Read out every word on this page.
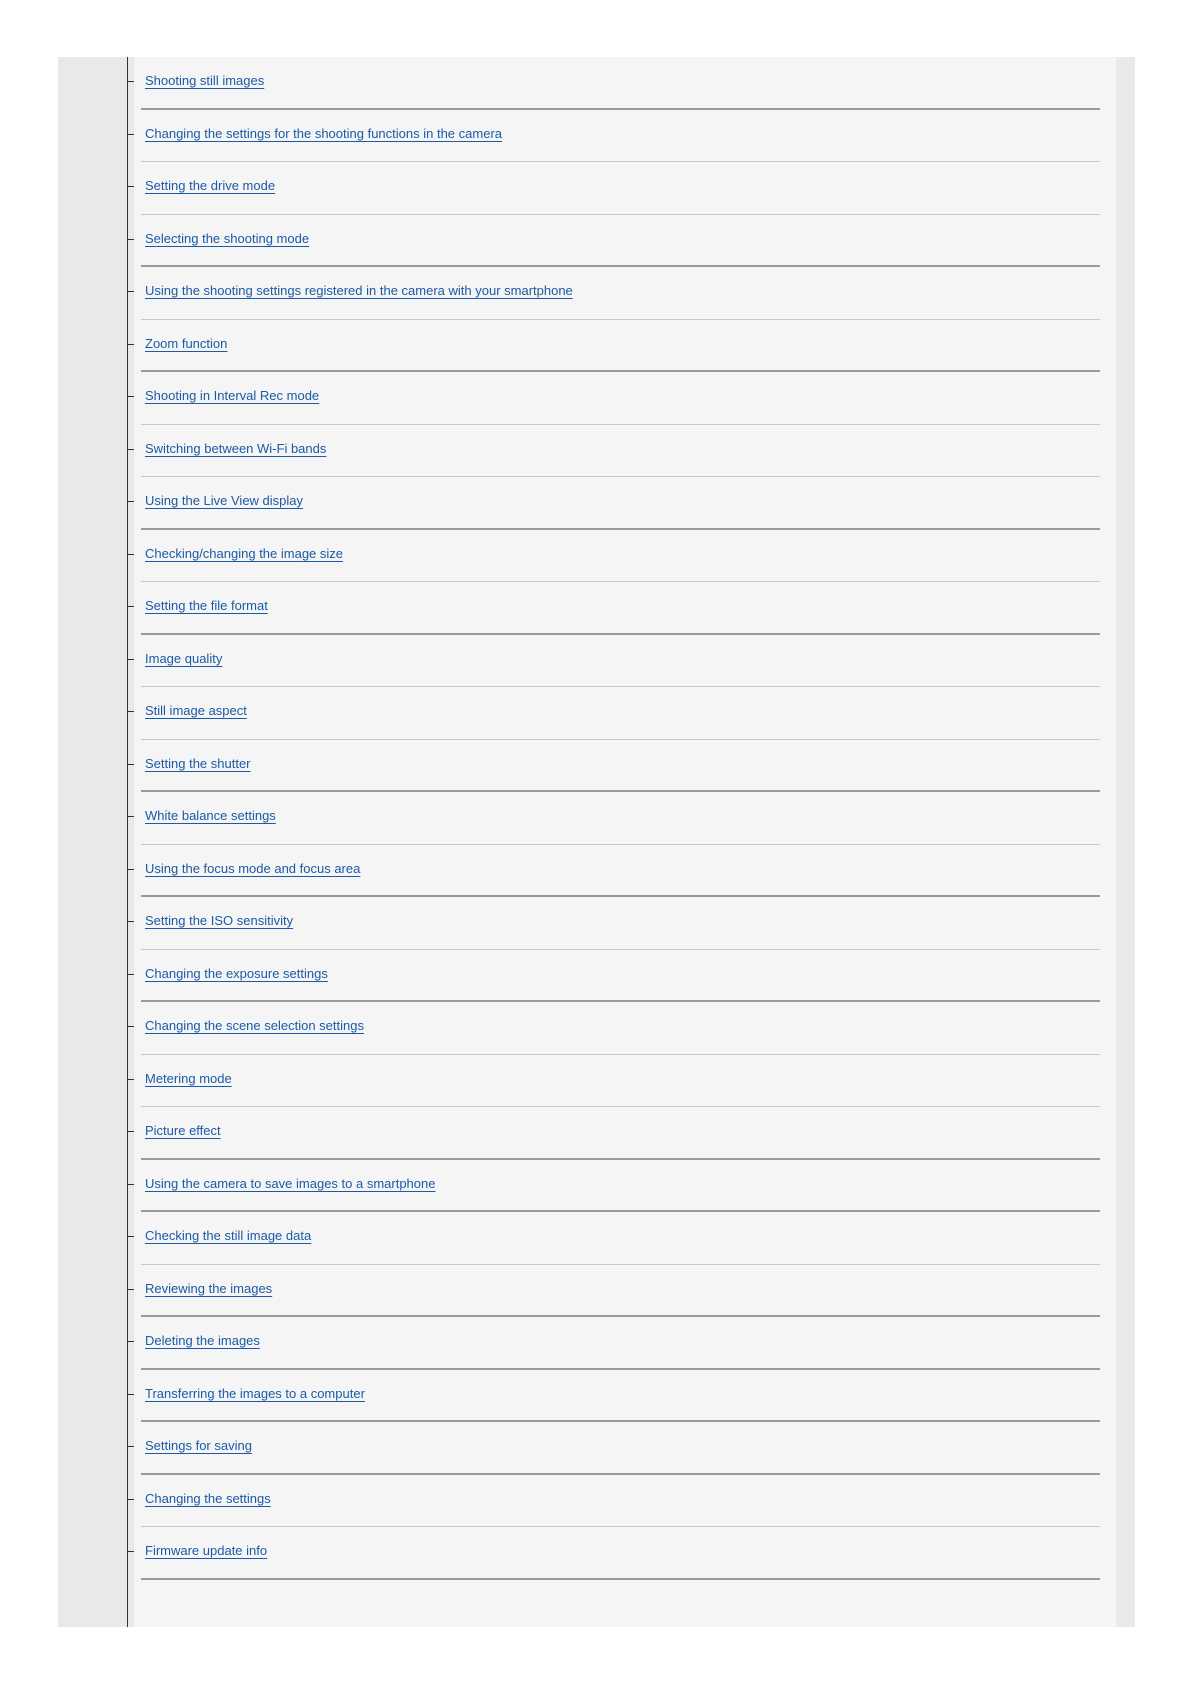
Shooting still images
Changing the settings for the shooting functions in the camera
Setting the drive mode
Selecting the shooting mode
Using the shooting settings registered in the camera with your smartphone
Zoom function
Shooting in Interval Rec mode
Switching between Wi-Fi bands
Using the Live View display
Checking/changing the image size
Setting the file format
Image quality
Still image aspect
Setting the shutter
White balance settings
Using the focus mode and focus area
Setting the ISO sensitivity
Changing the exposure settings
Changing the scene selection settings
Metering mode
Picture effect
Using the camera to save images to a smartphone
Checking the still image data
Reviewing the images
Deleting the images
Transferring the images to a computer
Settings for saving
Changing the settings
Firmware update info
